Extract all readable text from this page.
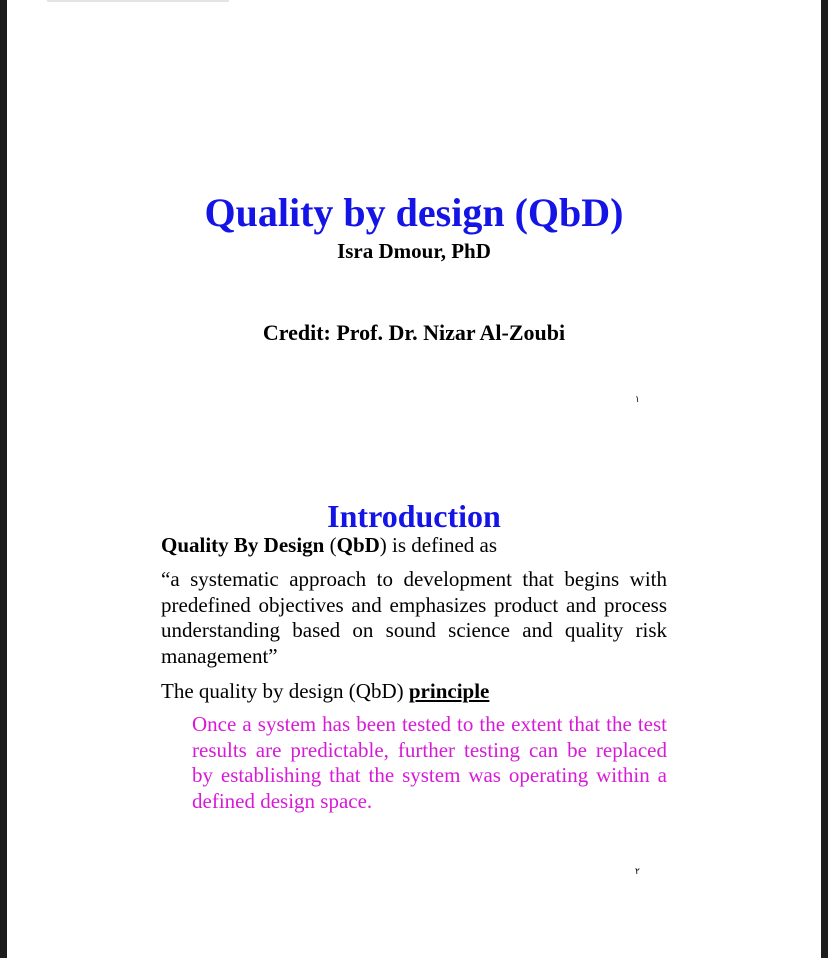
Quality by design (QbD)
Isra Dmour, PhD
Credit: Prof. Dr. Nizar Al-Zoubi
١
Introduction
Quality By Design (QbD) is defined as

“a systematic approach to development that begins with predefined objectives and emphasizes product and process understanding based on sound science and quality risk management”

The quality by design (QbD) principle

Once a system has been tested to the extent that the test results are predictable, further testing can be replaced by establishing that the system was operating within a defined design space.

٢
